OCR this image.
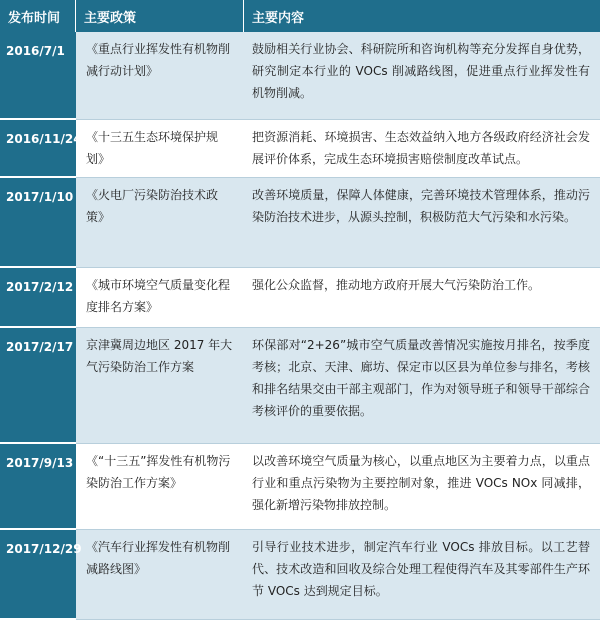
发布时间	主要政策	主要内容
2016/7/1	《重点行业挥发性有机物削减行动计划》	鼓励相关行业协会、科研院所和咨询机构等充分发挥自身优势，研究制定本行业的 VOCs 削减路线图，促进重点行业挥发性有机物削减。
2016/11/24	《十三五生态环境保护规划》	把资源消耗、环境损害、生态效益纳入地方各级政府经济社会发展评价体系，完成生态环境损害赔偿制度改革试点。
2017/1/10	《火电厂污染防治技术政策》	改善环境质量，保障人体健康，完善环境技术管理体系，推动污染防治技术进步，从源头控制，积极防范大气污染和水污染。
2017/2/12	《城市环境空气质量变化程度排名方案》	强化公众监督，推动地方政府开展大气污染防治工作。
2017/2/17	京津冀周边地区 2017 年大气污染防治工作方案	环保部对“2+26”城市空气质量改善情况实施按月排名，按季度考核；北京、天津、廊坊、保定市以区县为单位参与排名，考核和排名结果交由干部主观部门，作为对领导班子和领导干部综合考核评价的重要依据。
2017/9/13	《“十三五”挥发性有机物污染防治工作方案》	以改善环境空气质量为核心，以重点地区为主要着力点，以重点行业和重点污染物为主要控制对象，推进 VOCs NOx 同减排，强化新增污染物排放控制。
2017/12/29	《汽车行业挥发性有机物削减路线图》	引导行业技术进步，制定汽车行业 VOCs 排放目标。以工艺替代、技术改造和回收及综合处理工程使得汽车及其零部件生产环节 VOCs 达到规定目标。
